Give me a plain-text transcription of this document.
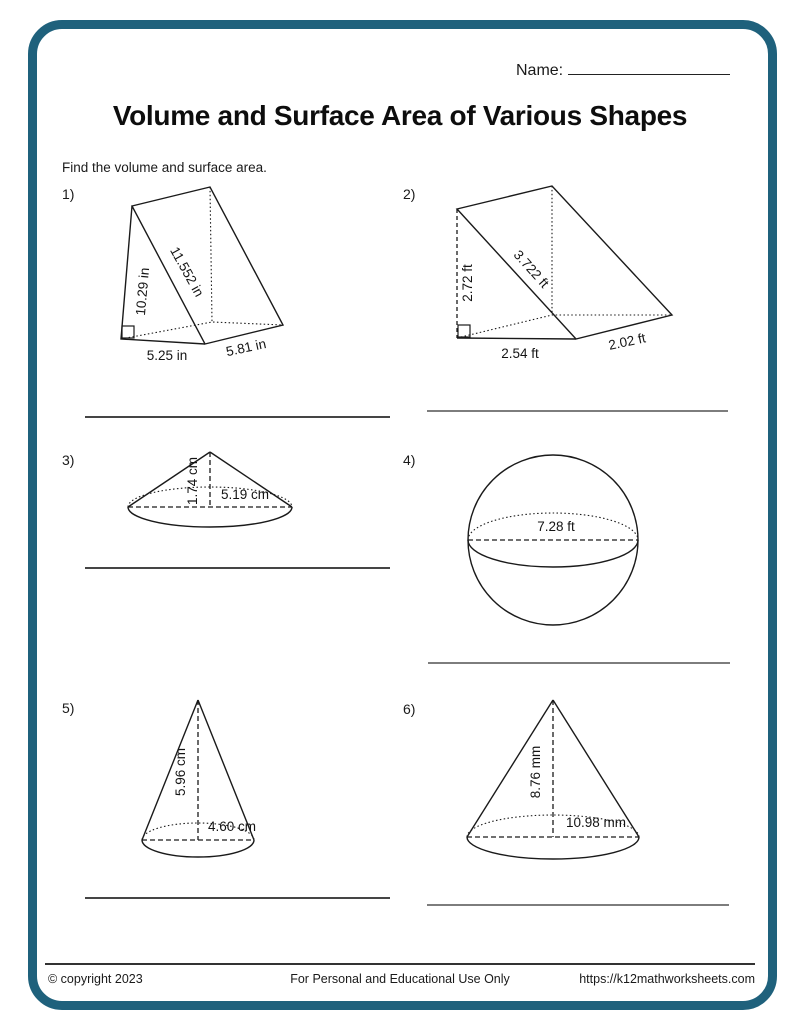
Name:
Volume and Surface Area of Various Shapes
Find the volume and surface area.
1)
10.29 in 11.552 in
5.25 in	5.81 in
2)
2.72 ft	3.722 ft
2.54 ft
2.02 ft
3)	1.74 cm 5.19 cm
4)
7.28 ft
5)
5.96 cm
4.60 cm
6)
8.76 mm
10.98 mm
© copyright 2023	For Personal and Educational Use Only	https://k12mathworksheets.com
